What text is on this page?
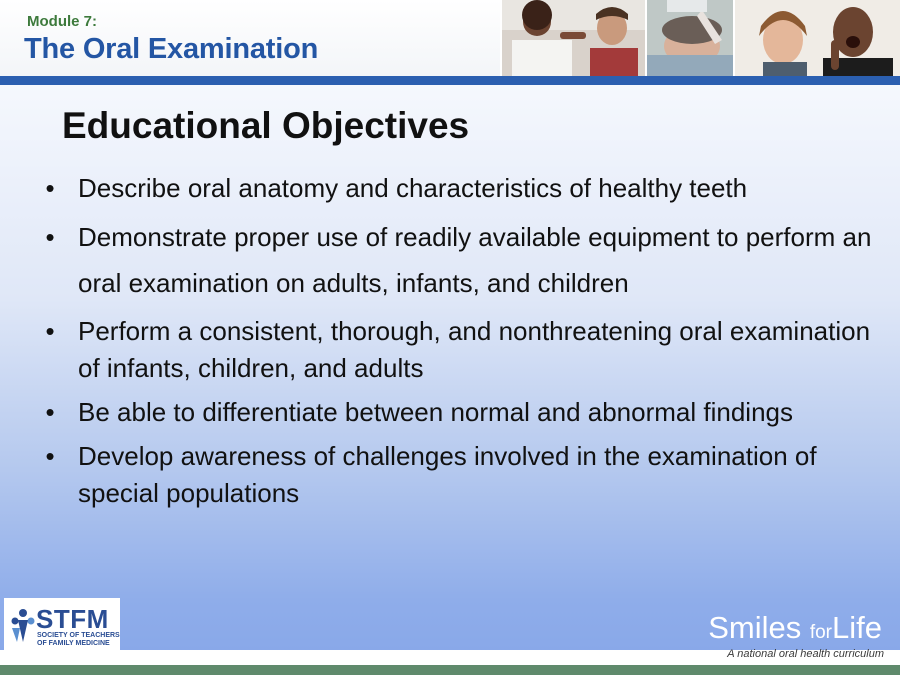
Module 7:
The Oral Examination
Educational Objectives
• Describe oral anatomy and characteristics of healthy teeth
• Demonstrate proper use of readily available equipment to perform an oral examination on adults, infants, and children
• Perform a consistent, thorough, and nonthreatening oral examination of infants, children, and adults
• Be able to differentiate between normal and abnormal findings
• Develop awareness of challenges involved in the examination of special populations
STFM
SOCIETY OF TEACHERS OF FAMILY MEDICINE	Smiles forLife
A national oral health curriculum
